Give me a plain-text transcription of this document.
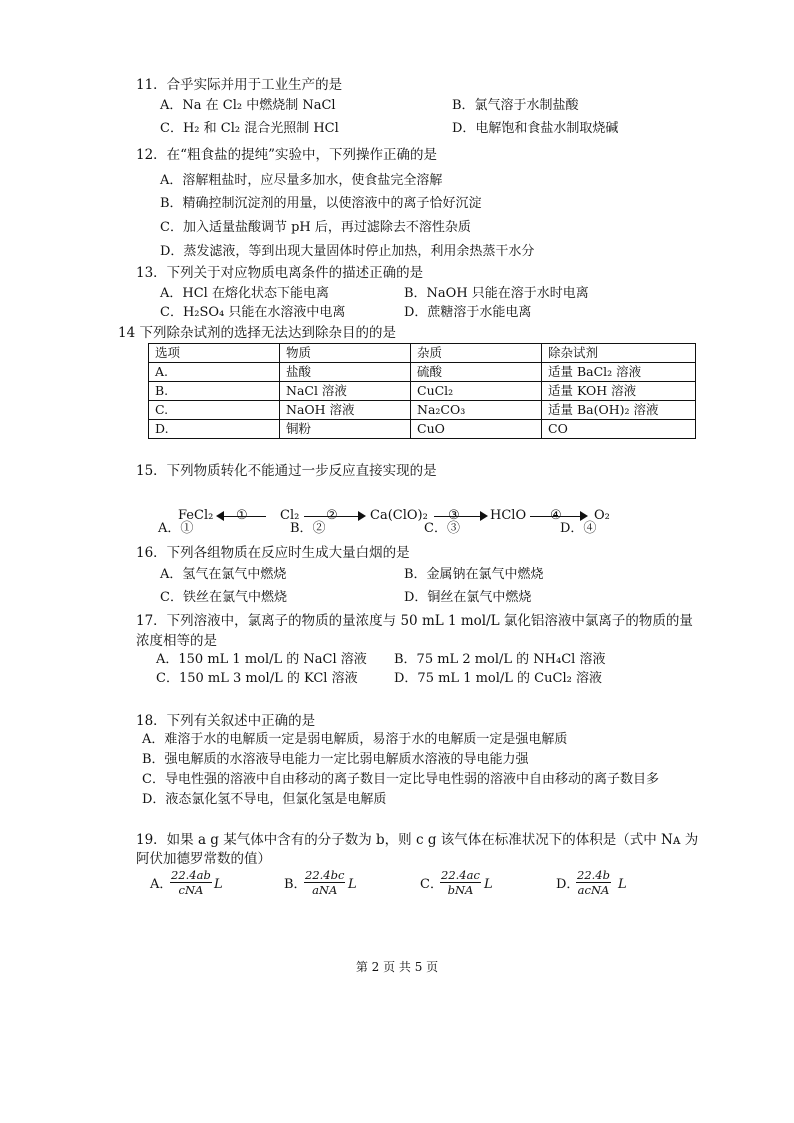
11．合乎实际并用于工业生产的是
A．Na 在 Cl₂ 中燃烧制 NaCl	B．氯气溶于水制盐酸
C．H₂ 和 Cl₂ 混合光照制 HCl	D．电解饱和食盐水制取烧碱
12．在“粗食盐的提纯”实验中，下列操作正确的是
A．溶解粗盐时，应尽量多加水，使食盐完全溶解
B．精确控制沉淀剂的用量，以使溶液中的离子恰好沉淀
C．加入适量盐酸调节 pH 后，再过滤除去不溶性杂质
D．蒸发滤液，等到出现大量固体时停止加热，利用余热蒸干水分
13．下列关于对应物质电离条件的描述正确的是
A．HCl 在熔化状态下能电离	B．NaOH 只能在溶于水时电离
C．H₂SO₄ 只能在水溶液中电离	D．蔗糖溶于水能电离
14 下列除杂试剂的选择无法达到除杂目的的是
选项	物质	杂质	除杂试剂
A.	盐酸	硫酸	适量 BaCl₂ 溶液
B.	NaCl 溶液	CuCl₂	适量 KOH 溶液
C.	NaOH 溶液	Na₂CO₃	适量 Ba(OH)₂ 溶液
D.	铜粉	CuO	CO
15．下列物质转化不能通过一步反应直接实现的是
FeCl₂ ① Cl₂ ② Ca(ClO)₂ ③ HClO ④ O₂
A．①	B．②	C．③	D．④
16．下列各组物质在反应时生成大量白烟的是
A．氢气在氯气中燃烧	B．金属钠在氯气中燃烧
C．铁丝在氯气中燃烧	D．铜丝在氯气中燃烧
17．下列溶液中，氯离子的物质的量浓度与 50 mL 1 mol/L 氯化铝溶液中氯离子的物质的量
浓度相等的是
A．150 mL 1 mol/L 的 NaCl 溶液 B．75 mL 2 mol/L 的 NH₄Cl 溶液
C．150 mL 3 mol/L 的 KCl 溶液	D．75 mL 1 mol/L 的 CuCl₂ 溶液
18．下列有关叙述中正确的是
A．难溶于水的电解质一定是弱电解质，易溶于水的电解质一定是强电解质
B．强电解质的水溶液导电能力一定比弱电解质水溶液的导电能力强
C．导电性强的溶液中自由移动的离子数目一定比导电性弱的溶液中自由移动的离子数目多
D．液态氯化氢不导电，但氯化氢是电解质
19．如果 a g 某气体中含有的分子数为 b，则 c g 该气体在标准状况下的体积是（式中 Nᴀ 为
阿伏加德罗常数的值）
A．
22.4ab
cNA L	B．
22.4bc
aNA L	C．
22.4ac
bNA L	D．
22.4b
acNA L
第 2 页 共 5 页
